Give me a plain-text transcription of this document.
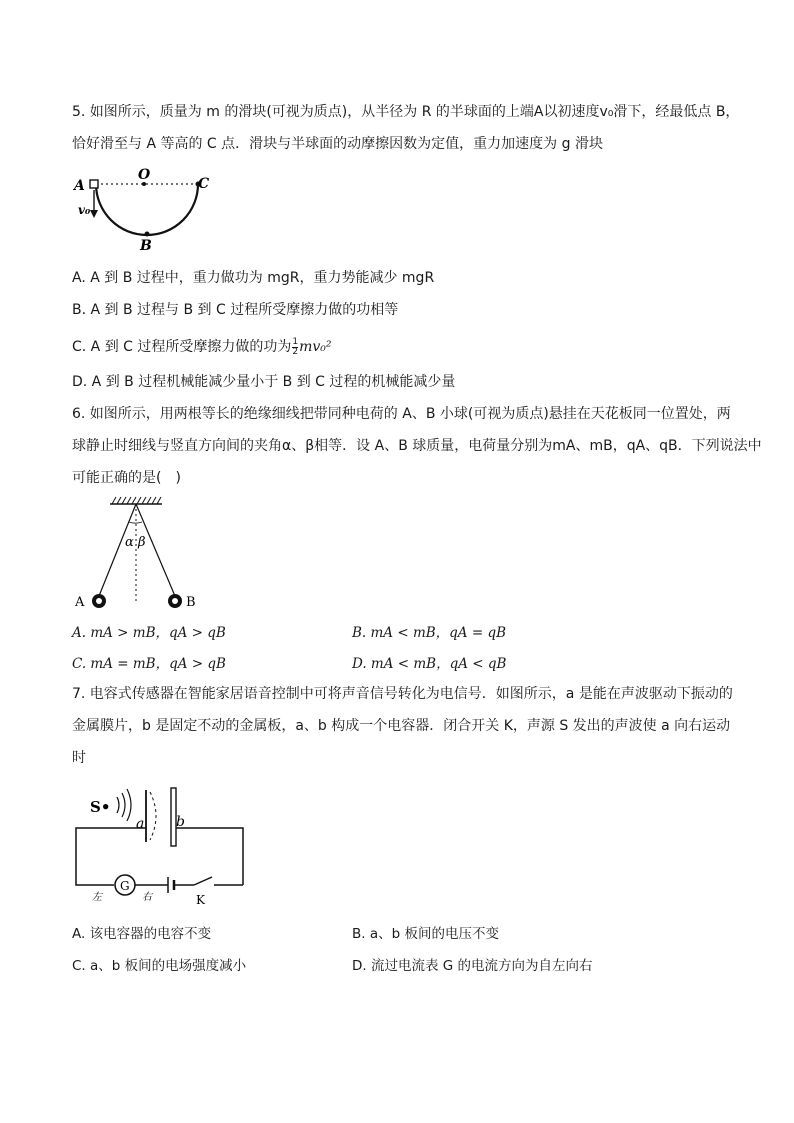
5. 如图所示，质量为 m 的滑块(可视为质点)，从半径为 R 的半球面的上端A以初速度v₀滑下，经最低点 B，
恰好滑至与 A 等高的 C 点．滑块与半球面的动摩擦因数为定值，重力加速度为 g 滑块
A
O
C
B
v₀
A. A 到 B 过程中，重力做功为 mgR，重力势能减少 mgR
B. A 到 B 过程与 B 到 C 过程所受摩擦力做的功相等
C. A 到 C 过程所受摩擦力做的功为 $\frac{1}{2} mv_0^2$
D. A 到 B 过程机械能减少量小于 B 到 C 过程的机械能减少量
6. 如图所示，用两根等长的绝缘细线把带同种电荷的 A、B 小球(可视为质点)悬挂在天花板同一位置处，两
球静止时细线与竖直方向间的夹角α、β相等．设 A、B 球质量，电荷量分别为mA、mB，qA、qB．下列说法中
可能正确的是(　)
α β
A	B
A. mA > mB，qA > qB	B. mA < mB，qA = qB
C. mA = mB，qA > qB	D. mA < mB，qA < qB
7. 电容式传感器在智能家居语音控制中可将声音信号转化为电信号．如图所示，a 是能在声波驱动下振动的
金属膜片，b 是固定不动的金属板，a、b 构成一个电容器．闭合开关 K，声源 S 发出的声波使 a 向右运动
时
S•
a b
G
左	右	K
A. 该电容器的电容不变	B. a、b 板间的电压不变
C. a、b 板间的电场强度减小	D. 流过电流表 G 的电流方向为自左向右
